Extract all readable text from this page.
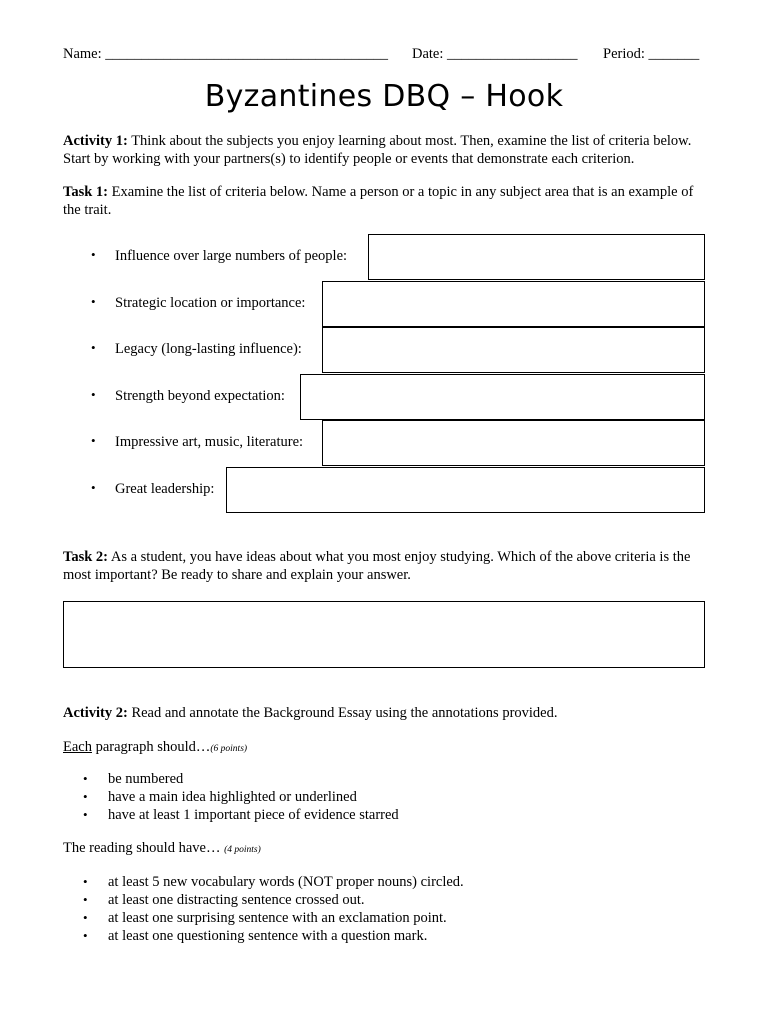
Name: _______________________________________ Date: __________________ Period: _______
Byzantines DBQ – Hook
Activity 1: Think about the subjects you enjoy learning about most. Then, examine the list of criteria below. Start by working with your partners(s) to identify people or events that demonstrate each criterion.
Task 1: Examine the list of criteria below. Name a person or a topic in any subject area that is an example of the trait.
• Influence over large numbers of people:
• Strategic location or importance:
• Legacy (long-lasting influence):
• Strength beyond expectation:
• Impressive art, music, literature:
• Great leadership:
Task 2: As a student, you have ideas about what you most enjoy studying. Which of the above criteria is the most important? Be ready to share and explain your answer.
Activity 2: Read and annotate the Background Essay using the annotations provided.
Each paragraph should…(6 points)
• be numbered
• have a main idea highlighted or underlined
• have at least 1 important piece of evidence starred
The reading should have… (4 points)
• at least 5 new vocabulary words (NOT proper nouns) circled.
• at least one distracting sentence crossed out.
• at least one surprising sentence with an exclamation point.
• at least one questioning sentence with a question mark.
